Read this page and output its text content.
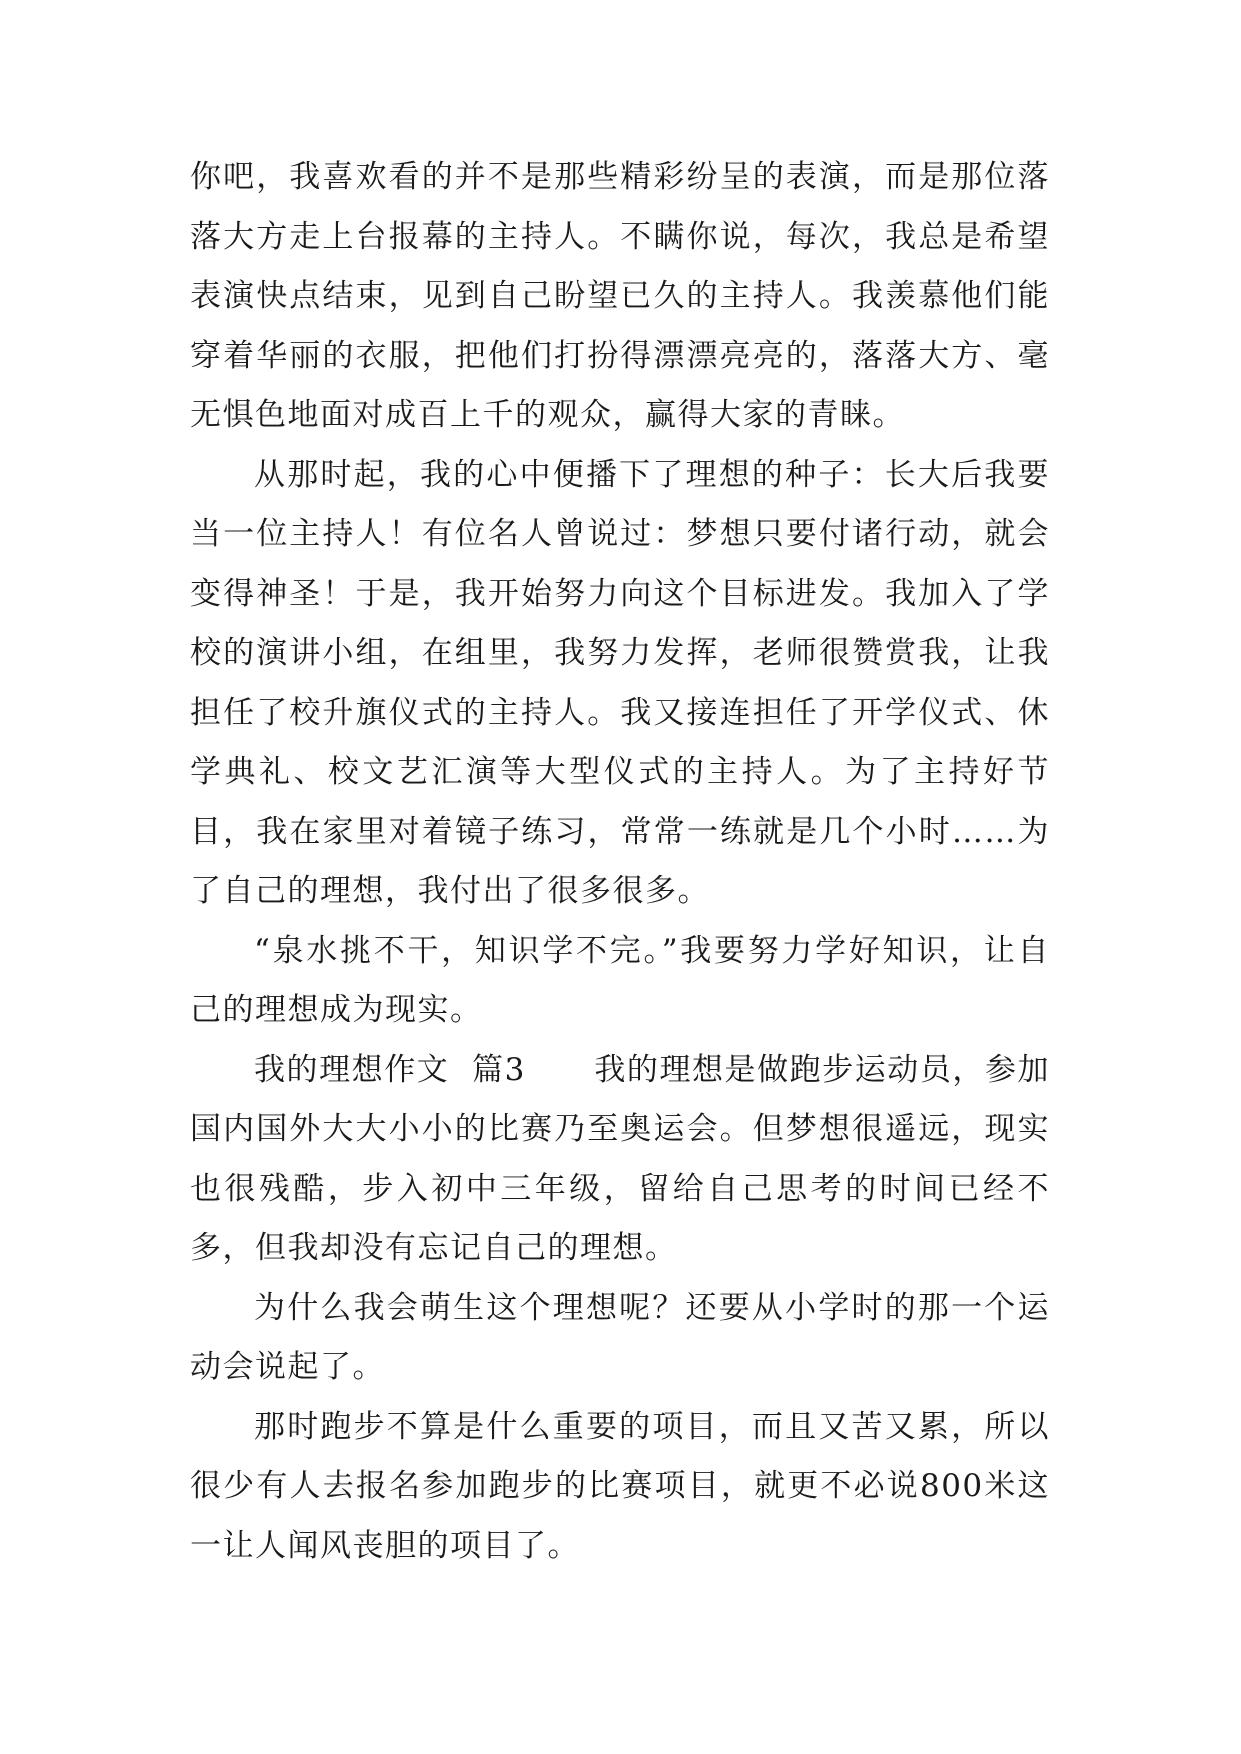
你吧，我喜欢看的并不是那些精彩纷呈的表演，而是那位落落大方走上台报幕的主持人。不瞒你说，每次，我总是希望表演快点结束，见到自己盼望已久的主持人。我羡慕他们能穿着华丽的衣服，把他们打扮得漂漂亮亮的，落落大方、毫无惧色地面对成百上千的观众，赢得大家的青睐。

从那时起，我的心中便播下了理想的种子：长大后我要当一位主持人！有位名人曾说过：梦想只要付诸行动，就会变得神圣！于是，我开始努力向这个目标进发。我加入了学校的演讲小组，在组里，我努力发挥，老师很赞赏我，让我担任了校升旗仪式的主持人。我又接连担任了开学仪式、休学典礼、校文艺汇演等大型仪式的主持人。为了主持好节目，我在家里对着镜子练习，常常一练就是几个小时……为了自己的理想，我付出了很多很多。

“泉水挑不干，知识学不完。”我要努力学好知识，让自己的理想成为现实。

我的理想作文  篇3 我的理想是做跑步运动员，参加国内国外大大小小的比赛乃至奥运会。但梦想很遥远，现实也很残酷，步入初中三年级，留给自己思考的时间已经不多，但我却没有忘记自己的理想。

为什么我会萌生这个理想呢？还要从小学时的那一个运动会说起了。

那时跑步不算是什么重要的项目，而且又苦又累，所以很少有人去报名参加跑步的比赛项目，就更不必说800米这一让人闻风丧胆的项目了。
